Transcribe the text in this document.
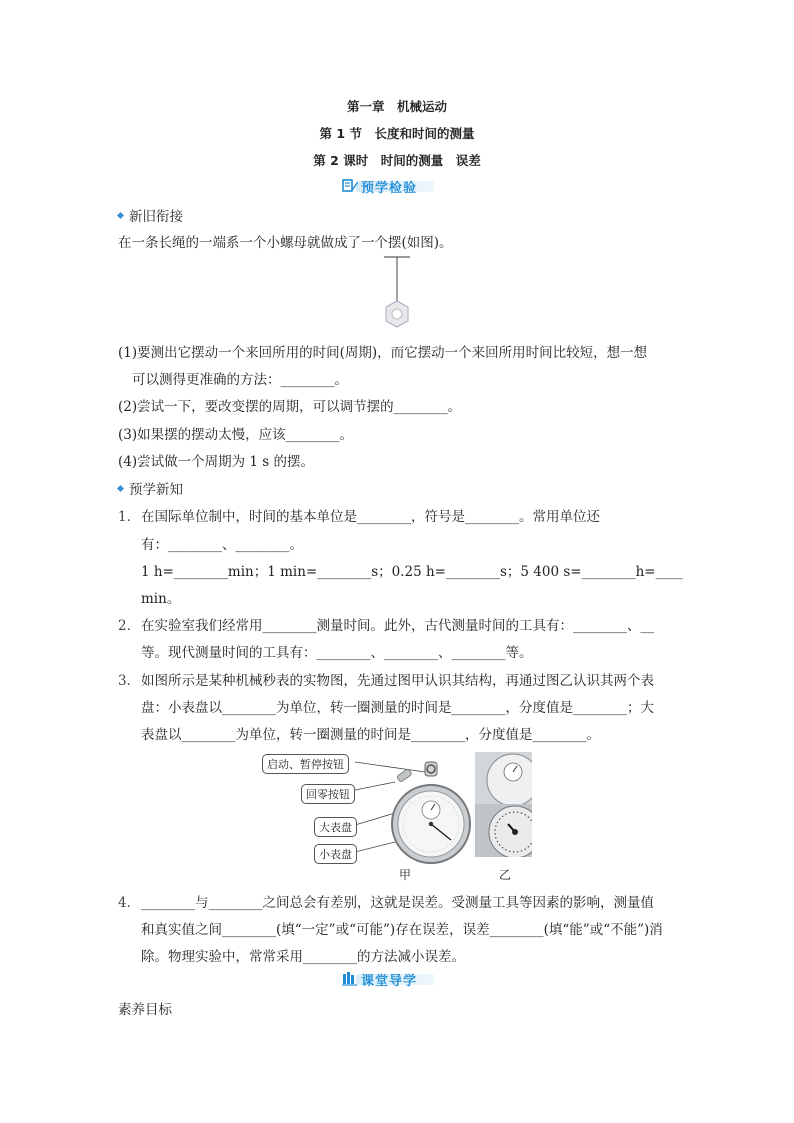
第一章　机械运动
第 1 节　长度和时间的测量
第 2 课时　时间的测量　误差
预学检验
新旧衔接
在一条长绳的一端系一个小螺母就做成了一个摆(如图)。
(1)要测出它摆动一个来回所用的时间(周期)，而它摆动一个来回所用时间比较短，想一想
可以测得更准确的方法：________。
(2)尝试一下，要改变摆的周期，可以调节摆的________。
(3)如果摆的摆动太慢，应该________。
(4)尝试做一个周期为 1 s 的摆。
预学新知
1． 在国际单位制中，时间的基本单位是________，符号是________。常用单位还
有：________、________。
1 h=________min；1 min=________s；0.25 h=________s；5 400 s=________h=____
min。
2． 在实验室我们经常用________测量时间。此外，古代测量时间的工具有：________、__
等。现代测量时间的工具有：________、________、________等。
3． 如图所示是某种机械秒表的实物图，先通过图甲认识其结构，再通过图乙认识其两个表
盘：小表盘以________为单位，转一圈测量的时间是________，分度值是________；大
表盘以________为单位，转一圈测量的时间是________，分度值是________。
启动、暂停按钮
回零按钮
大表盘
小表盘
甲	乙
4． ________与________之间总会有差别，这就是误差。受测量工具等因素的影响，测量值
和真实值之间________(填“一定”或“可能”)存在误差，误差________(填“能”或“不能”)消
除。物理实验中，常常采用________的方法减小误差。
课堂导学
素养目标
